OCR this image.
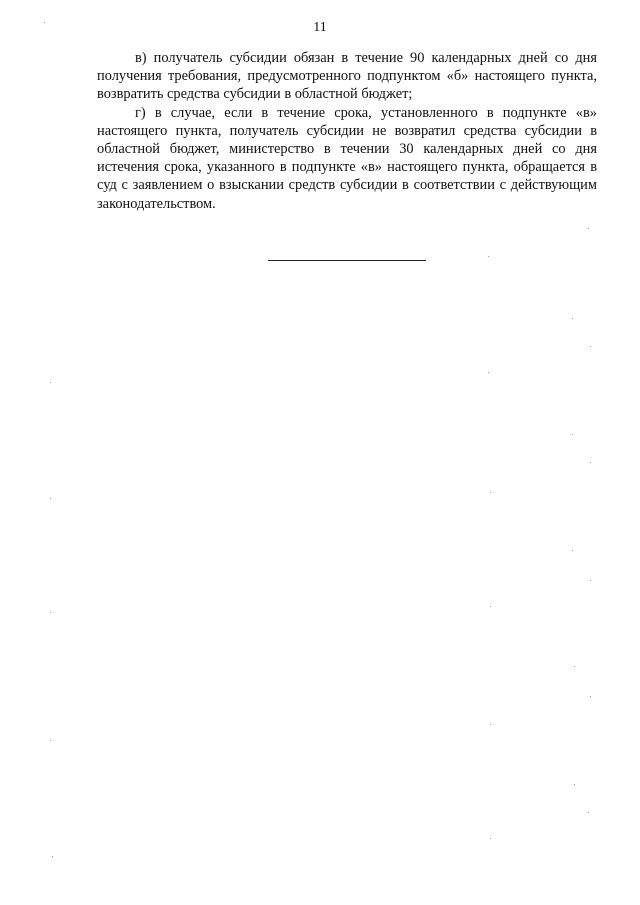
11

в) получатель субсидии обязан в течение 90 календарных дней со дня получения требования, предусмотренного подпунктом «б» настоящего пункта, возвратить средства субсидии в областной бюджет;

г) в случае, если в течение срока, установленного в подпункте «в» настоящего пункта, получатель субсидии не возвратил средства субсидии в областной бюджет, министерство в течении 30 календарных дней со дня истечения срока, указанного в подпункте «в» настоящего пункта, обращается в суд с заявлением о взыскании средств субсидии в соответствии с действующим законодательством.
